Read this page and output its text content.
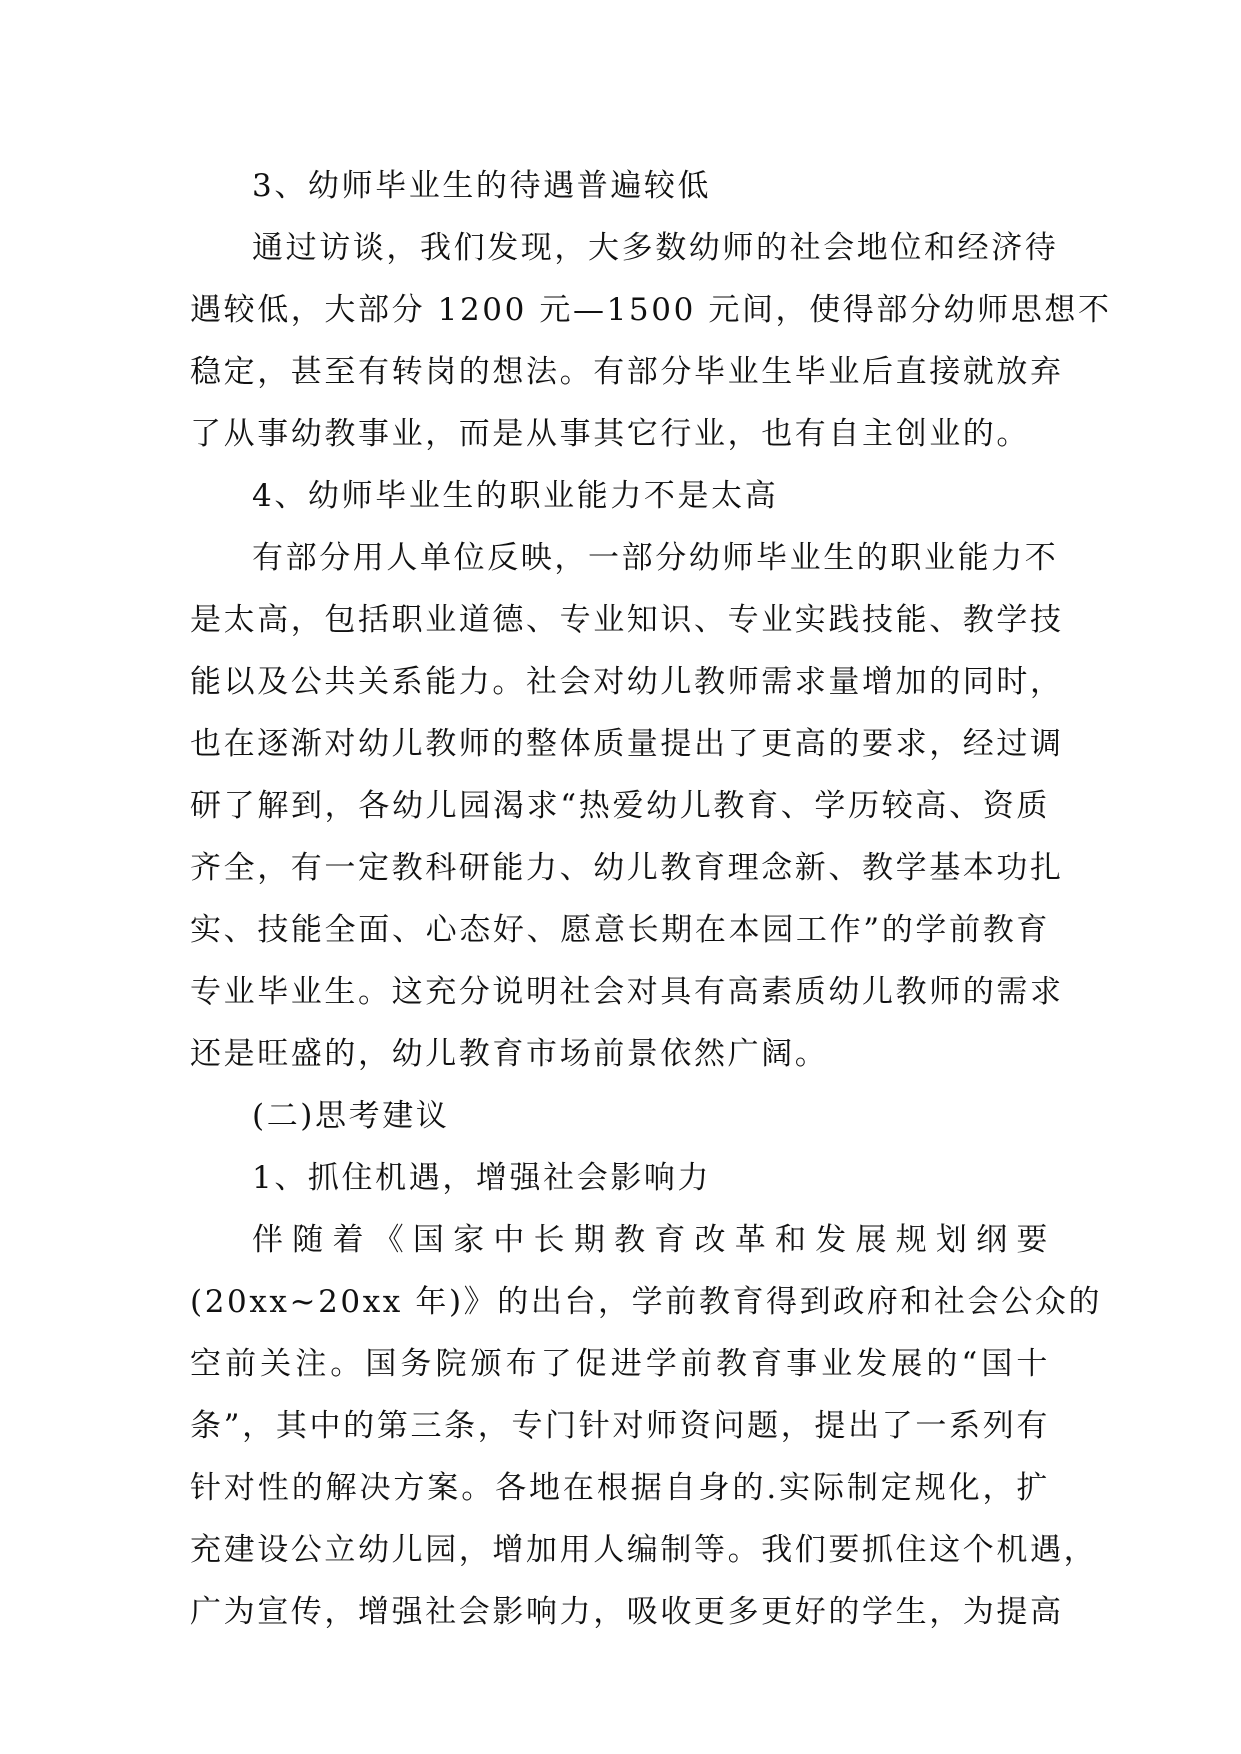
3、幼师毕业生的待遇普遍较低
通过访谈，我们发现，大多数幼师的社会地位和经济待
遇较低，大部分 1200 元—1500 元间，使得部分幼师思想不
稳定，甚至有转岗的想法。有部分毕业生毕业后直接就放弃
了从事幼教事业，而是从事其它行业，也有自主创业的。
4、幼师毕业生的职业能力不是太高
有部分用人单位反映，一部分幼师毕业生的职业能力不
是太高，包括职业道德、专业知识、专业实践技能、教学技
能以及公共关系能力。社会对幼儿教师需求量增加的同时，
也在逐渐对幼儿教师的整体质量提出了更高的要求，经过调
研了解到，各幼儿园渴求“热爱幼儿教育、学历较高、资质
齐全，有一定教科研能力、幼儿教育理念新、教学基本功扎
实、技能全面、心态好、愿意长期在本园工作”的学前教育
专业毕业生。这充分说明社会对具有高素质幼儿教师的需求
还是旺盛的，幼儿教育市场前景依然广阔。
(二)思考建议
1、抓住机遇，增强社会影响力
伴随着《国家中长期教育改革和发展规划纲要
(20xx~20xx 年)》的出台，学前教育得到政府和社会公众的
空前关注。国务院颁布了促进学前教育事业发展的“国十
条”，其中的第三条，专门针对师资问题，提出了一系列有
针对性的解决方案。各地在根据自身的.实际制定规化，扩
充建设公立幼儿园，增加用人编制等。我们要抓住这个机遇，
广为宣传，增强社会影响力，吸收更多更好的学生，为提高
